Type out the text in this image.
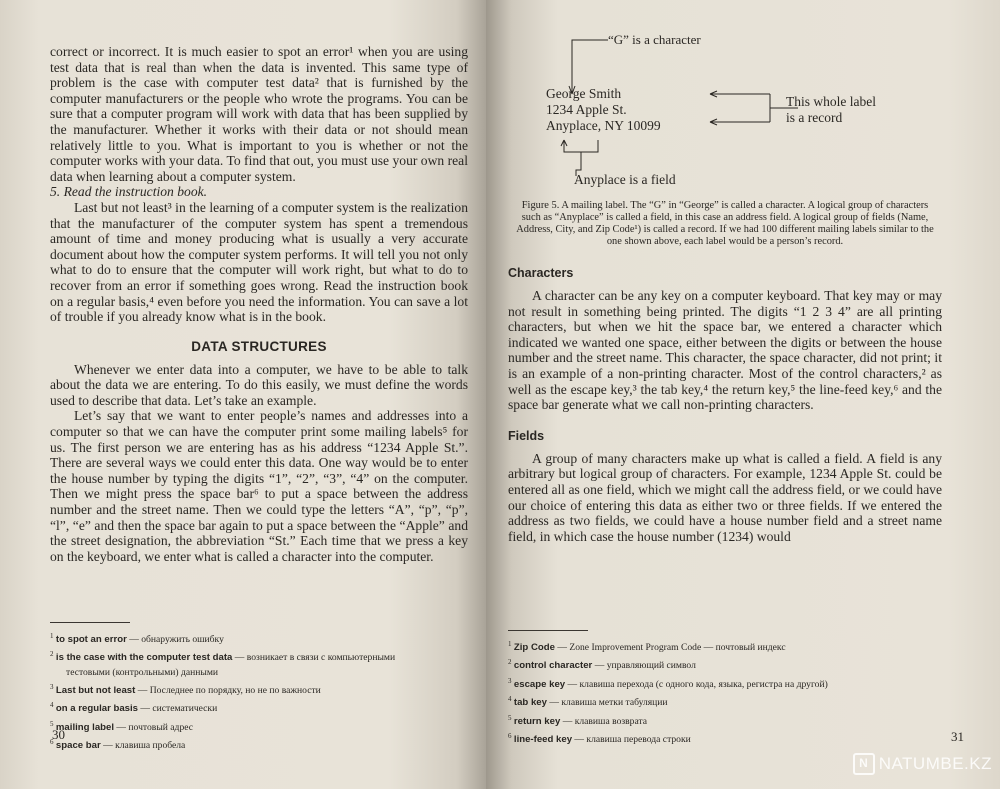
correct or incorrect. It is much easier to spot an error¹ when you are using test data that is real than when the data is invented. This same type of problem is the case with computer test data² that is furnished by the computer manufacturers or the people who wrote the programs. You can be sure that a computer program will work with data that has been supplied by the manufacturer. Whether it works with their data or not should mean relatively little to you. What is important to you is whether or not the computer works with your data. To find that out, you must use your own real data when learning about a computer system.

5. Read the instruction book.

Last but not least³ in the learning of a computer system is the realization that the manufacturer of the computer system has spent a tremendous amount of time and money producing what is usually a very accurate document about how the computer system performs. It will tell you not only what to do to ensure that the computer will work right, but what to do to recover from an error if something goes wrong. Read the instruction book on a regular basis,⁴ even before you need the information. You can save a lot of trouble if you already know what is in the book.

DATA STRUCTURES

Whenever we enter data into a computer, we have to be able to talk about the data we are entering. To do this easily, we must define the words used to describe that data. Let’s take an example.

Let’s say that we want to enter people’s names and addresses into a computer so that we can have the computer print some mailing labels⁵ for us. The first person we are entering has as his address “1234 Apple St.”. There are several ways we could enter this data. One way would be to enter the house number by typing the digits “1”, “2”, “3”, “4” on the computer. Then we might press the space bar⁶ to put a space between the address number and the street name. Then we could type the letters “A”, “p”, “p”, “l”, “e” and then the space bar again to put a space between the “Apple” and the street designation, the abbreviation “St.” Each time that we press a key on the keyboard, we enter what is called a character into the computer.

$^1$ to spot an error — обнаружить ошибку
$^2$ is the case with the computer test data — возникает в связи с компьютерными
тестовыми (контрольными) данными
$^3$ Last but not least — Последнее по порядку, но не по важности
$^4$ on a regular basis — систематически
$^5$ mailing label — почтовый адрес
$^6$ space bar — клавиша пробела
30
“G” is a character
George Smith
1234 Apple St.
Anyplace, NY 10099
This whole label
is a record
Anyplace is a field
Figure 5. A mailing label. The “G” in “George” is called a character. A logical group of characters such as “Anyplace” is called a field, in this case an address field. A logical group of fields (Name, Address, City, and Zip Code¹) is called a record. If we had 100 different mailing labels similar to the one shown above, each label would be a person’s record.
Characters

A character can be any key on a computer keyboard. That key may or may not result in something being printed. The digits “1 2 3 4” are all printing characters, but when we hit the space bar, we entered a character which indicated we wanted one space, either between the digits or between the house number and the street name. This character, the space character, did not print; it is an example of a non-printing character. Most of the control characters,² as well as the escape key,³ the tab key,⁴ the return key,⁵ the line-feed key,⁶ and the space bar generate what we call non-printing characters.

Fields

A group of many characters make up what is called a field. A field is any arbitrary but logical group of characters. For example, 1234 Apple St. could be entered all as one field, which we might call the address field, or we could have our choice of entering this data as either two or three fields. If we entered the address as two fields, we could have a house number field and a street name field, in which case the house number (1234) would

$^1$ Zip Code — Zone Improvement Program Code — почтовый индекс
$^2$ control character — управляющий символ
$^3$ escape key — клавиша перехода (с одного кода, языка, регистра на другой)
$^4$ tab key — клавиша метки табуляции
$^5$ return key — клавиша возврата
$^6$ line-feed key — клавиша перевода строки	31
N NATUMBE.KZ
